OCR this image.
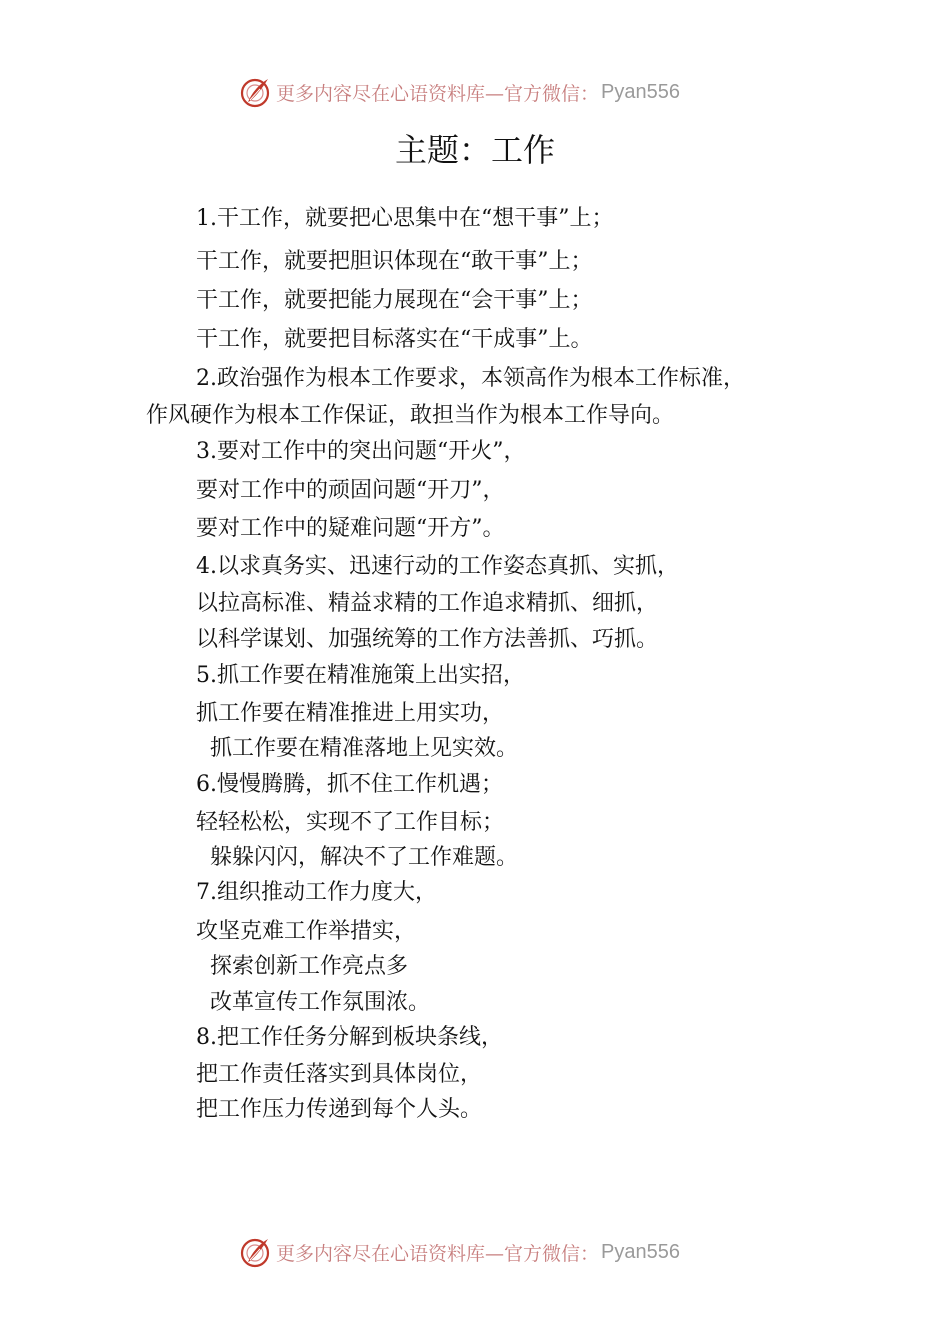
更多内容尽在心语资料库—官方微信： Pyan556
主题：工作
1.干工作，就要把心思集中在“想干事”上；
干工作，就要把胆识体现在“敢干事”上；
干工作，就要把能力展现在“会干事”上；
干工作，就要把目标落实在“干成事”上。
2.政治强作为根本工作要求，本领高作为根本工作标准，
作风硬作为根本工作保证，敢担当作为根本工作导向。
3.要对工作中的突出问题“开火”，
要对工作中的顽固问题“开刀”，
要对工作中的疑难问题“开方”。
4.以求真务实、迅速行动的工作姿态真抓、实抓，
以拉高标准、精益求精的工作追求精抓、细抓，
以科学谋划、加强统筹的工作方法善抓、巧抓。
5.抓工作要在精准施策上出实招，
抓工作要在精准推进上用实功，
抓工作要在精准落地上见实效。
6.慢慢腾腾，抓不住工作机遇；
轻轻松松，实现不了工作目标；
躲躲闪闪，解决不了工作难题。
7.组织推动工作力度大，
攻坚克难工作举措实，
探索创新工作亮点多
改革宣传工作氛围浓。
8.把工作任务分解到板块条线，
把工作责任落实到具体岗位，
把工作压力传递到每个人头。
更多内容尽在心语资料库—官方微信： Pyan556
